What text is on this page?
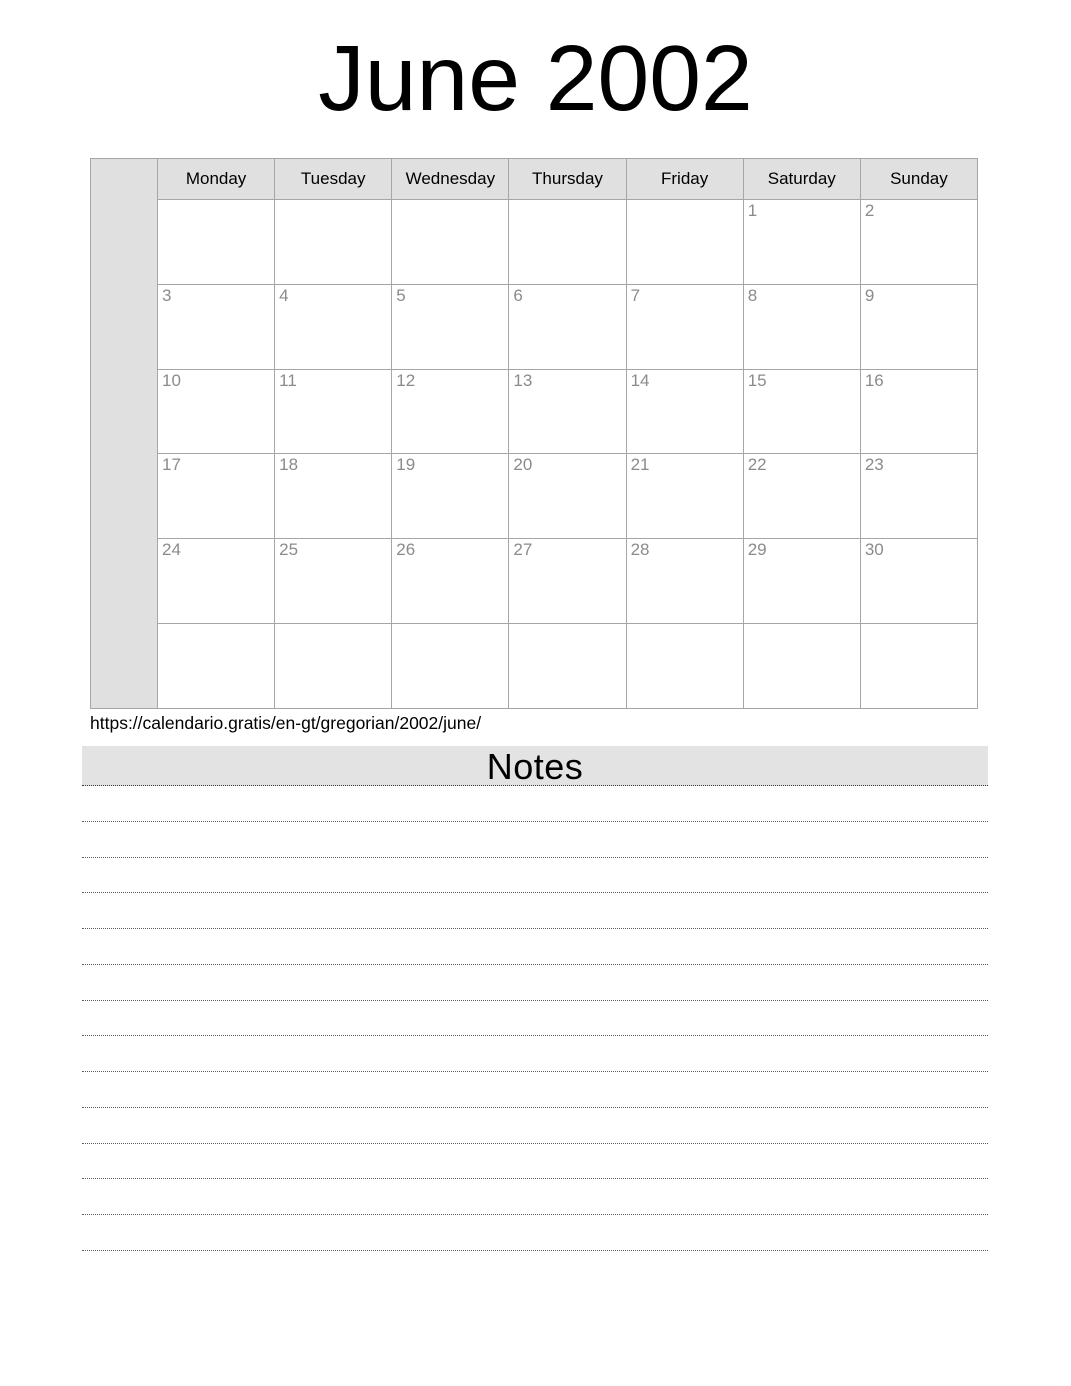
June 2002
	Monday	Tuesday	Wednesday	Thursday	Friday	Saturday	Sunday
						1	2
	3	4	5	6	7	8	9
	10	11	12	13	14	15	16
	17	18	19	20	21	22	23
	24	25	26	27	28	29	30

https://calendario.gratis/en-gt/gregorian/2002/june/

Notes
